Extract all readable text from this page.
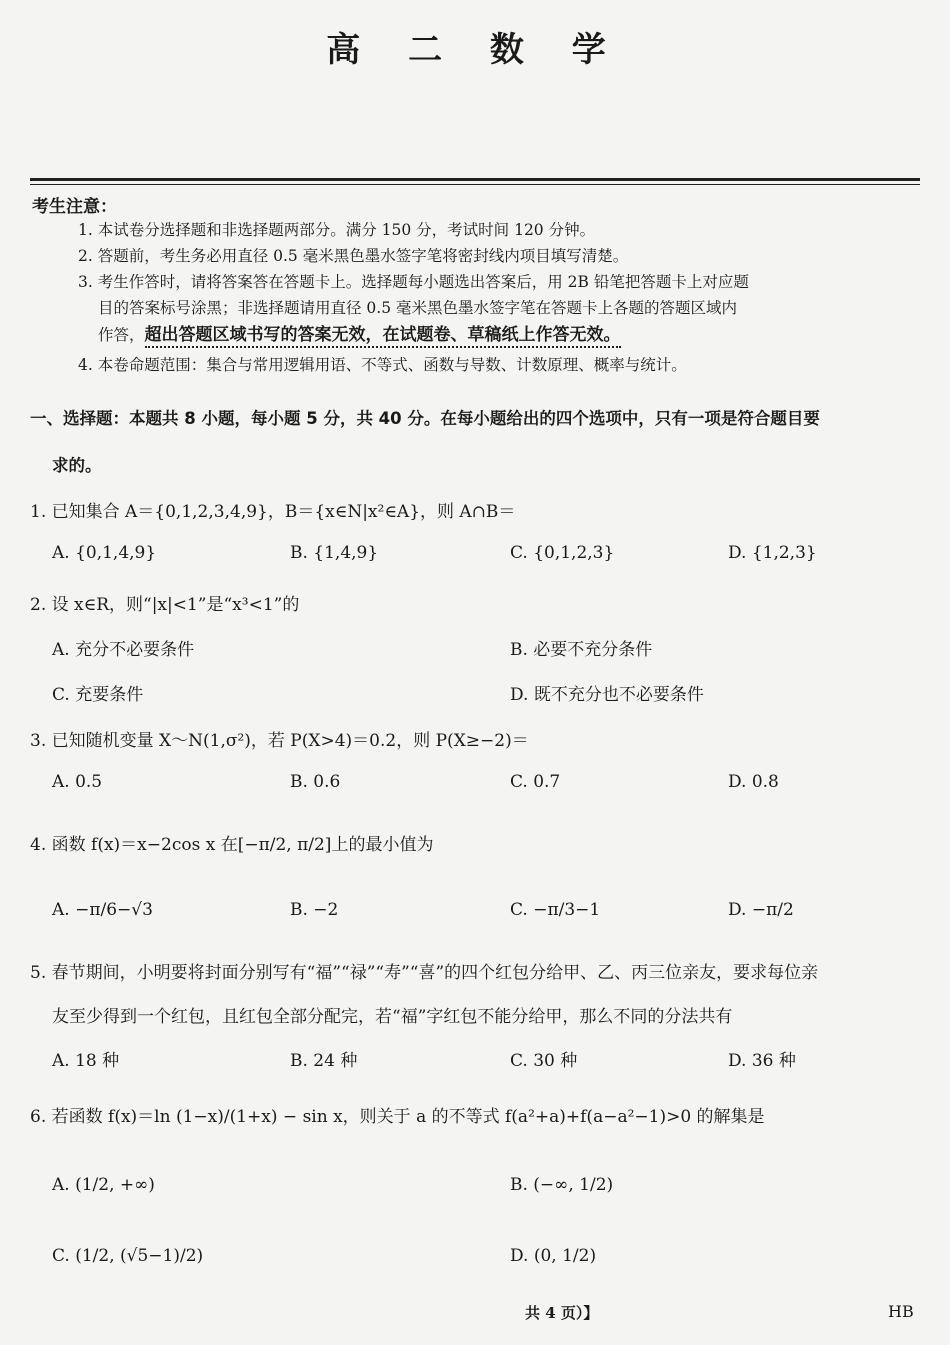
高 二 数 学
考生注意：
1. 本试卷分选择题和非选择题两部分。满分 150 分，考试时间 120 分钟。
2. 答题前，考生务必用直径 0.5 毫米黑色墨水签字笔将密封线内项目填写清楚。
3. 考生作答时，请将答案答在答题卡上。选择题每小题选出答案后，用 2B 铅笔把答题卡上对应题
目的答案标号涂黑；非选择题请用直径 0.5 毫米黑色墨水签字笔在答题卡上各题的答题区域内
作答，超出答题区域书写的答案无效，在试题卷、草稿纸上作答无效。
4. 本卷命题范围：集合与常用逻辑用语、不等式、函数与导数、计数原理、概率与统计。
一、选择题：本题共 8 小题，每小题 5 分，共 40 分。在每小题给出的四个选项中，只有一项是符合题目要
求的。
1. 已知集合 A＝{0,1,2,3,4,9}，B＝{x∈N|x²∈A}，则 A∩B＝
A. {0,1,4,9}	B. {1,4,9}	C. {0,1,2,3}	D. {1,2,3}
2. 设 x∈R，则“|x|<1”是“x³<1”的
A. 充分不必要条件	B. 必要不充分条件
C. 充要条件	D. 既不充分也不必要条件
3. 已知随机变量 X～N(1,σ²)，若 P(X>4)＝0.2，则 P(X≥−2)＝
A. 0.5	B. 0.6	C. 0.7	D. 0.8
4. 函数 f(x)＝x−2cos x 在[−π/2, π/2]上的最小值为
A. −π/6−√3	B. −2	C. −π/3−1	D. −π/2
5. 春节期间，小明要将封面分别写有“福”“禄”“寿”“喜”的四个红包分给甲、乙、丙三位亲友，要求每位亲
友至少得到一个红包，且红包全部分配完，若“福”字红包不能分给甲，那么不同的分法共有
A. 18 种	B. 24 种	C. 30 种	D. 36 种
6. 若函数 f(x)＝ln (1−x)/(1+x) − sin x，则关于 a 的不等式 f(a²+a)+f(a−a²−1)>0 的解集是
A. (1/2, +∞)	B. (−∞, 1/2)
C. (1/2, (√5−1)/2)	D. (0, 1/2)
共 4 页）】	HB
